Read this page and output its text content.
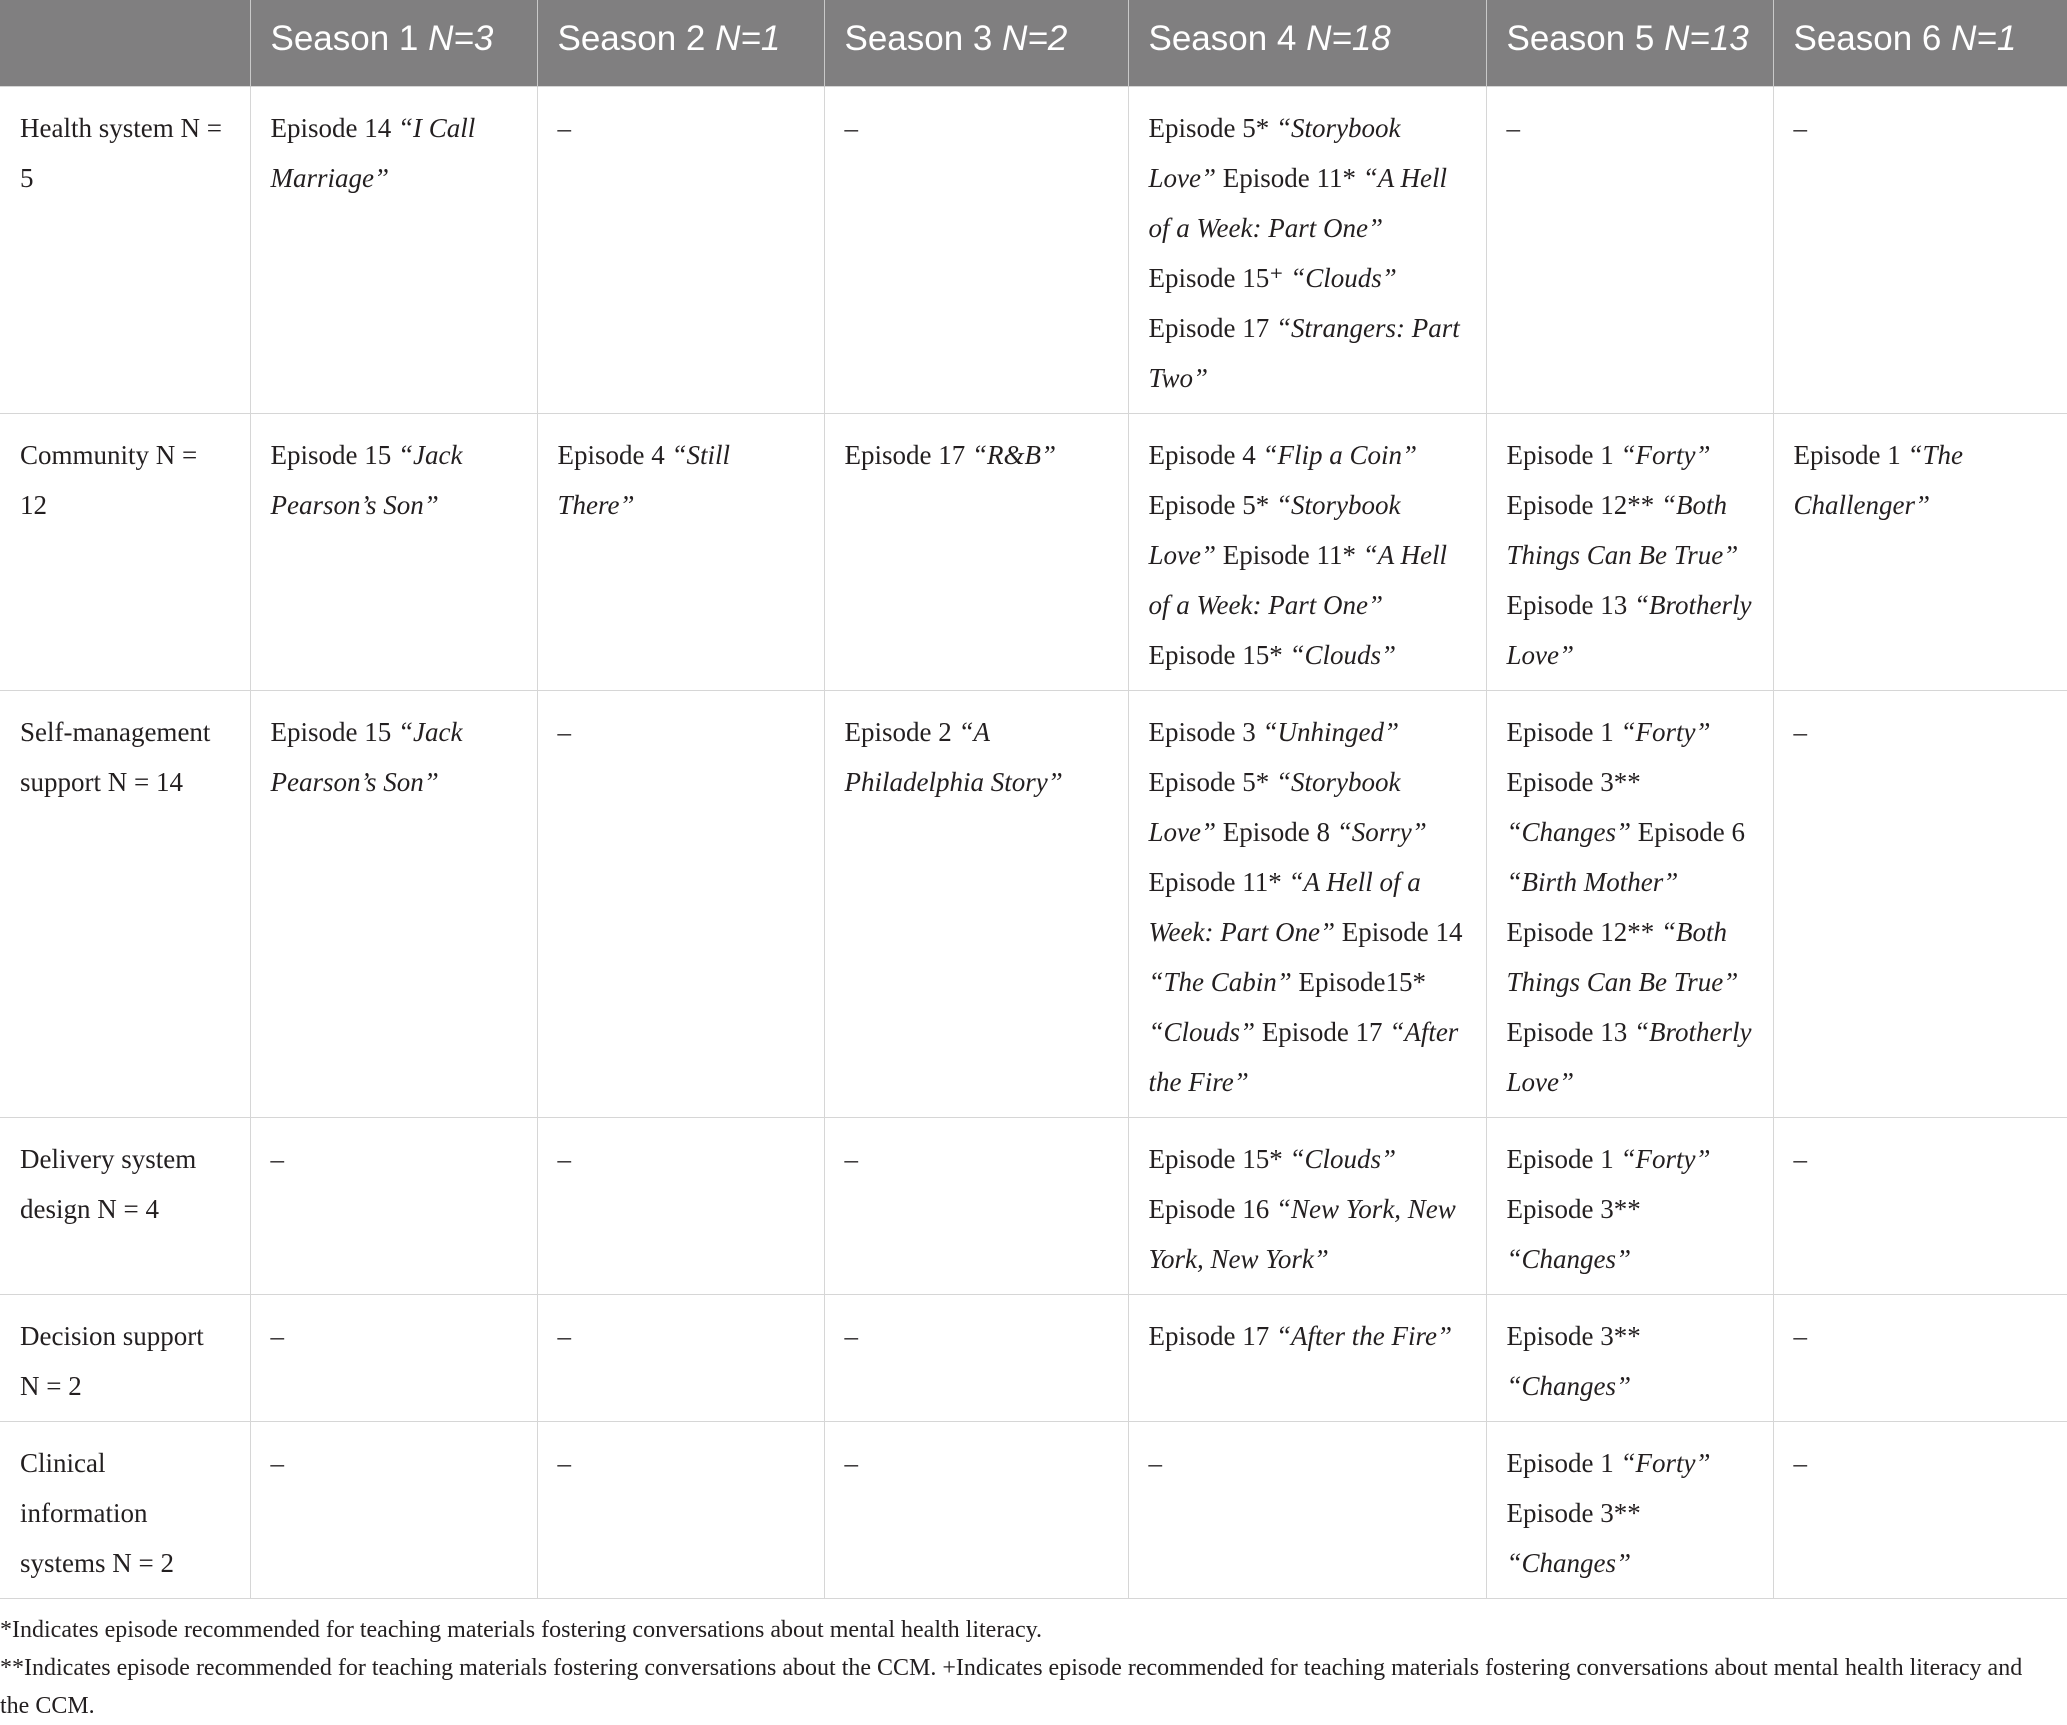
	Season 1 N=3	Season 2 N=1	Season 3 N=2	Season 4 N=18	Season 5 N=13	Season 6 N=1
Health system N = 5	Episode 14 “I Call Marriage”	–	–	Episode 5* “Storybook Love” Episode 11* “A Hell of a Week: Part One” Episode 15⁺ “Clouds” Episode 17 “Strangers: Part Two”	–	–
Community N = 12	Episode 15 “Jack Pearson’s Son”	Episode 4 “Still There”	Episode 17 “R&B”	Episode 4 “Flip a Coin” Episode 5* “Storybook Love” Episode 11* “A Hell of a Week: Part One” Episode 15* “Clouds”	Episode 1 “Forty” Episode 12** “Both Things Can Be True” Episode 13 “Brotherly Love”	Episode 1 “The Challenger”
Self-management support N = 14	Episode 15 “Jack Pearson’s Son”	–	Episode 2 “A Philadelphia Story”	Episode 3 “Unhinged” Episode 5* “Storybook Love” Episode 8 “Sorry” Episode 11* “A Hell of a Week: Part One” Episode 14 “The Cabin” Episode15* “Clouds” Episode 17 “After the Fire”	Episode 1 “Forty” Episode 3** “Changes” Episode 6 “Birth Mother” Episode 12** “Both Things Can Be True” Episode 13 “Brotherly Love”	–
Delivery system design N = 4	–	–	–	Episode 15* “Clouds” Episode 16 “New York, New York, New York”	Episode 1 “Forty” Episode 3** “Changes”	–
Decision support N = 2	–	–	–	Episode 17 “After the Fire”	Episode 3** “Changes”	–
Clinical information systems N = 2	–	–	–	–	Episode 1 “Forty” Episode 3** “Changes”	–

*Indicates episode recommended for teaching materials fostering conversations about mental health literacy.

**Indicates episode recommended for teaching materials fostering conversations about the CCM. +Indicates episode recommended for teaching materials fostering conversations about mental health literacy and the CCM.
